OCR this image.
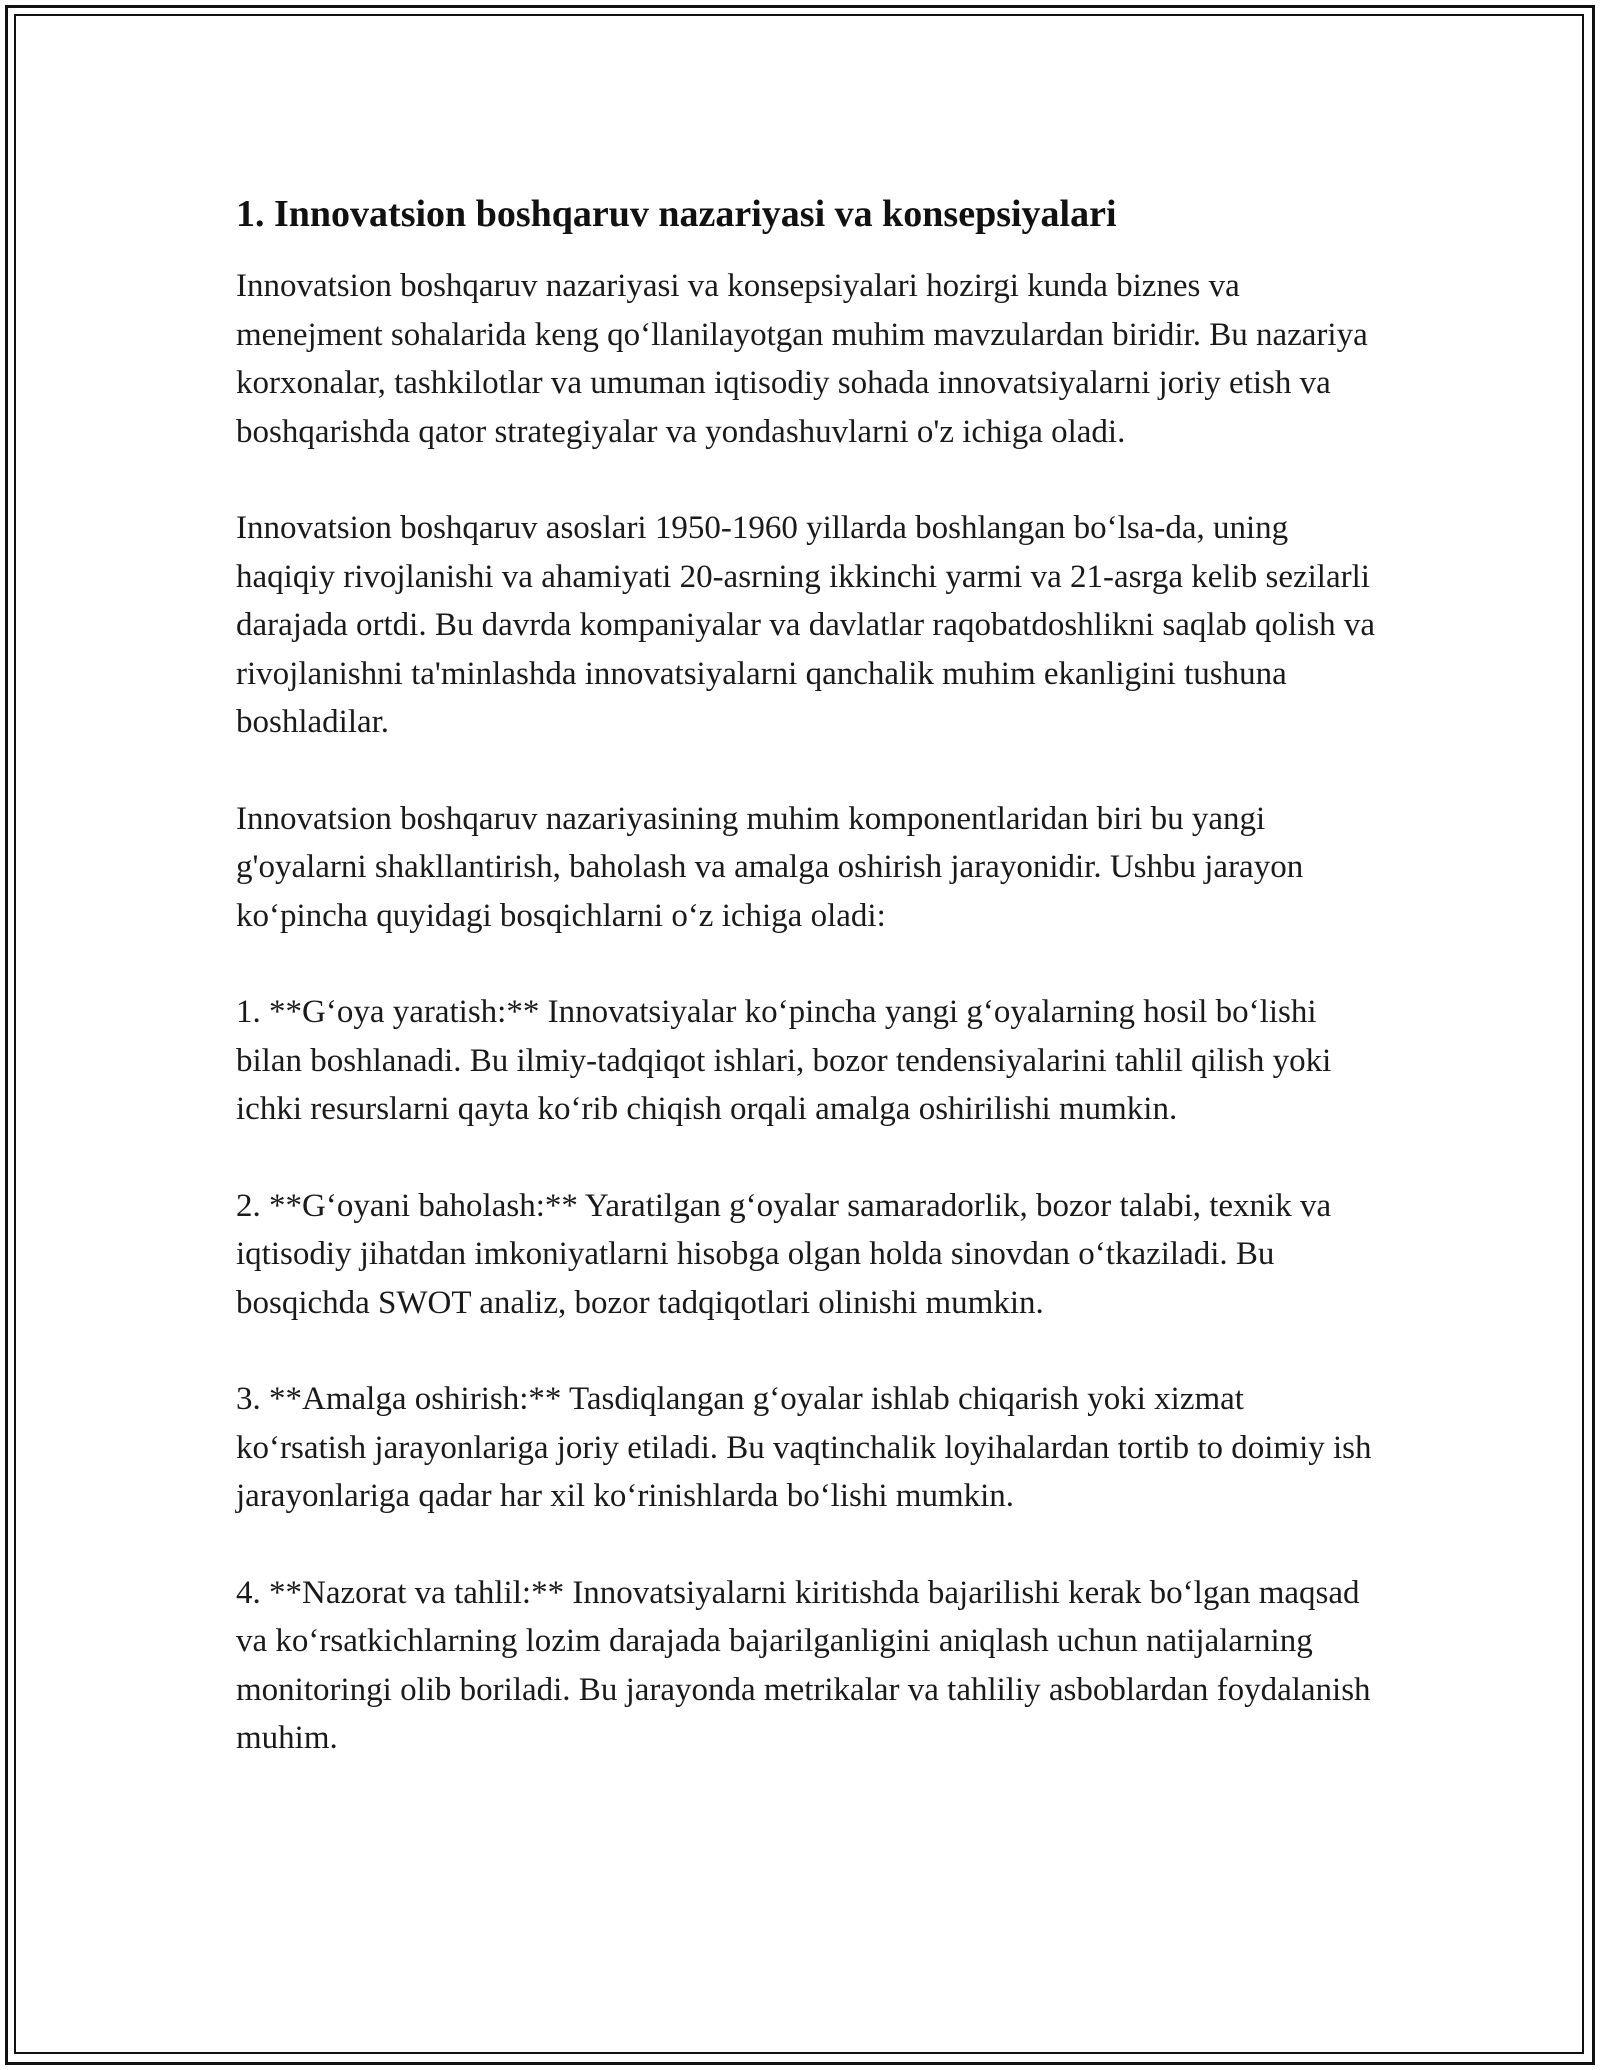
1. Innovatsion boshqaruv nazariyasi va konsepsiyalari

Innovatsion boshqaruv nazariyasi va konsepsiyalari hozirgi kunda biznes va menejment sohalarida keng qo‘llanilayotgan muhim mavzulardan biridir. Bu nazariya korxonalar, tashkilotlar va umuman iqtisodiy sohada innovatsiyalarni joriy etish va boshqarishda qator strategiyalar va yondashuvlarni o'z ichiga oladi.

Innovatsion boshqaruv asoslari 1950-1960 yillarda boshlangan bo‘lsa-da, uning haqiqiy rivojlanishi va ahamiyati 20-asrning ikkinchi yarmi va 21-asrga kelib sezilarli darajada ortdi. Bu davrda kompaniyalar va davlatlar raqobatdoshlikni saqlab qolish va rivojlanishni ta'minlashda innovatsiyalarni qanchalik muhim ekanligini tushuna boshladilar.

Innovatsion boshqaruv nazariyasining muhim komponentlaridan biri bu yangi g'oyalarni shakllantirish, baholash va amalga oshirish jarayonidir. Ushbu jarayon ko‘pincha quyidagi bosqichlarni o‘z ichiga oladi:

1. **G‘oya yaratish:** Innovatsiyalar ko‘pincha yangi g‘oyalarning hosil bo‘lishi bilan boshlanadi. Bu ilmiy-tadqiqot ishlari, bozor tendensiyalarini tahlil qilish yoki ichki resurslarni qayta ko‘rib chiqish orqali amalga oshirilishi mumkin.

2. **G‘oyani baholash:** Yaratilgan g‘oyalar samaradorlik, bozor talabi, texnik va iqtisodiy jihatdan imkoniyatlarni hisobga olgan holda sinovdan o‘tkaziladi. Bu bosqichda SWOT analiz, bozor tadqiqotlari olinishi mumkin.

3. **Amalga oshirish:** Tasdiqlangan g‘oyalar ishlab chiqarish yoki xizmat ko‘rsatish jarayonlariga joriy etiladi. Bu vaqtinchalik loyihalardan tortib to doimiy ish jarayonlariga qadar har xil ko‘rinishlarda bo‘lishi mumkin.

4. **Nazorat va tahlil:** Innovatsiyalarni kiritishda bajarilishi kerak bo‘lgan maqsad va ko‘rsatkichlarning lozim darajada bajarilganligini aniqlash uchun natijalarning monitoringi olib boriladi. Bu jarayonda metrikalar va tahliliy asboblardan foydalanish muhim.
